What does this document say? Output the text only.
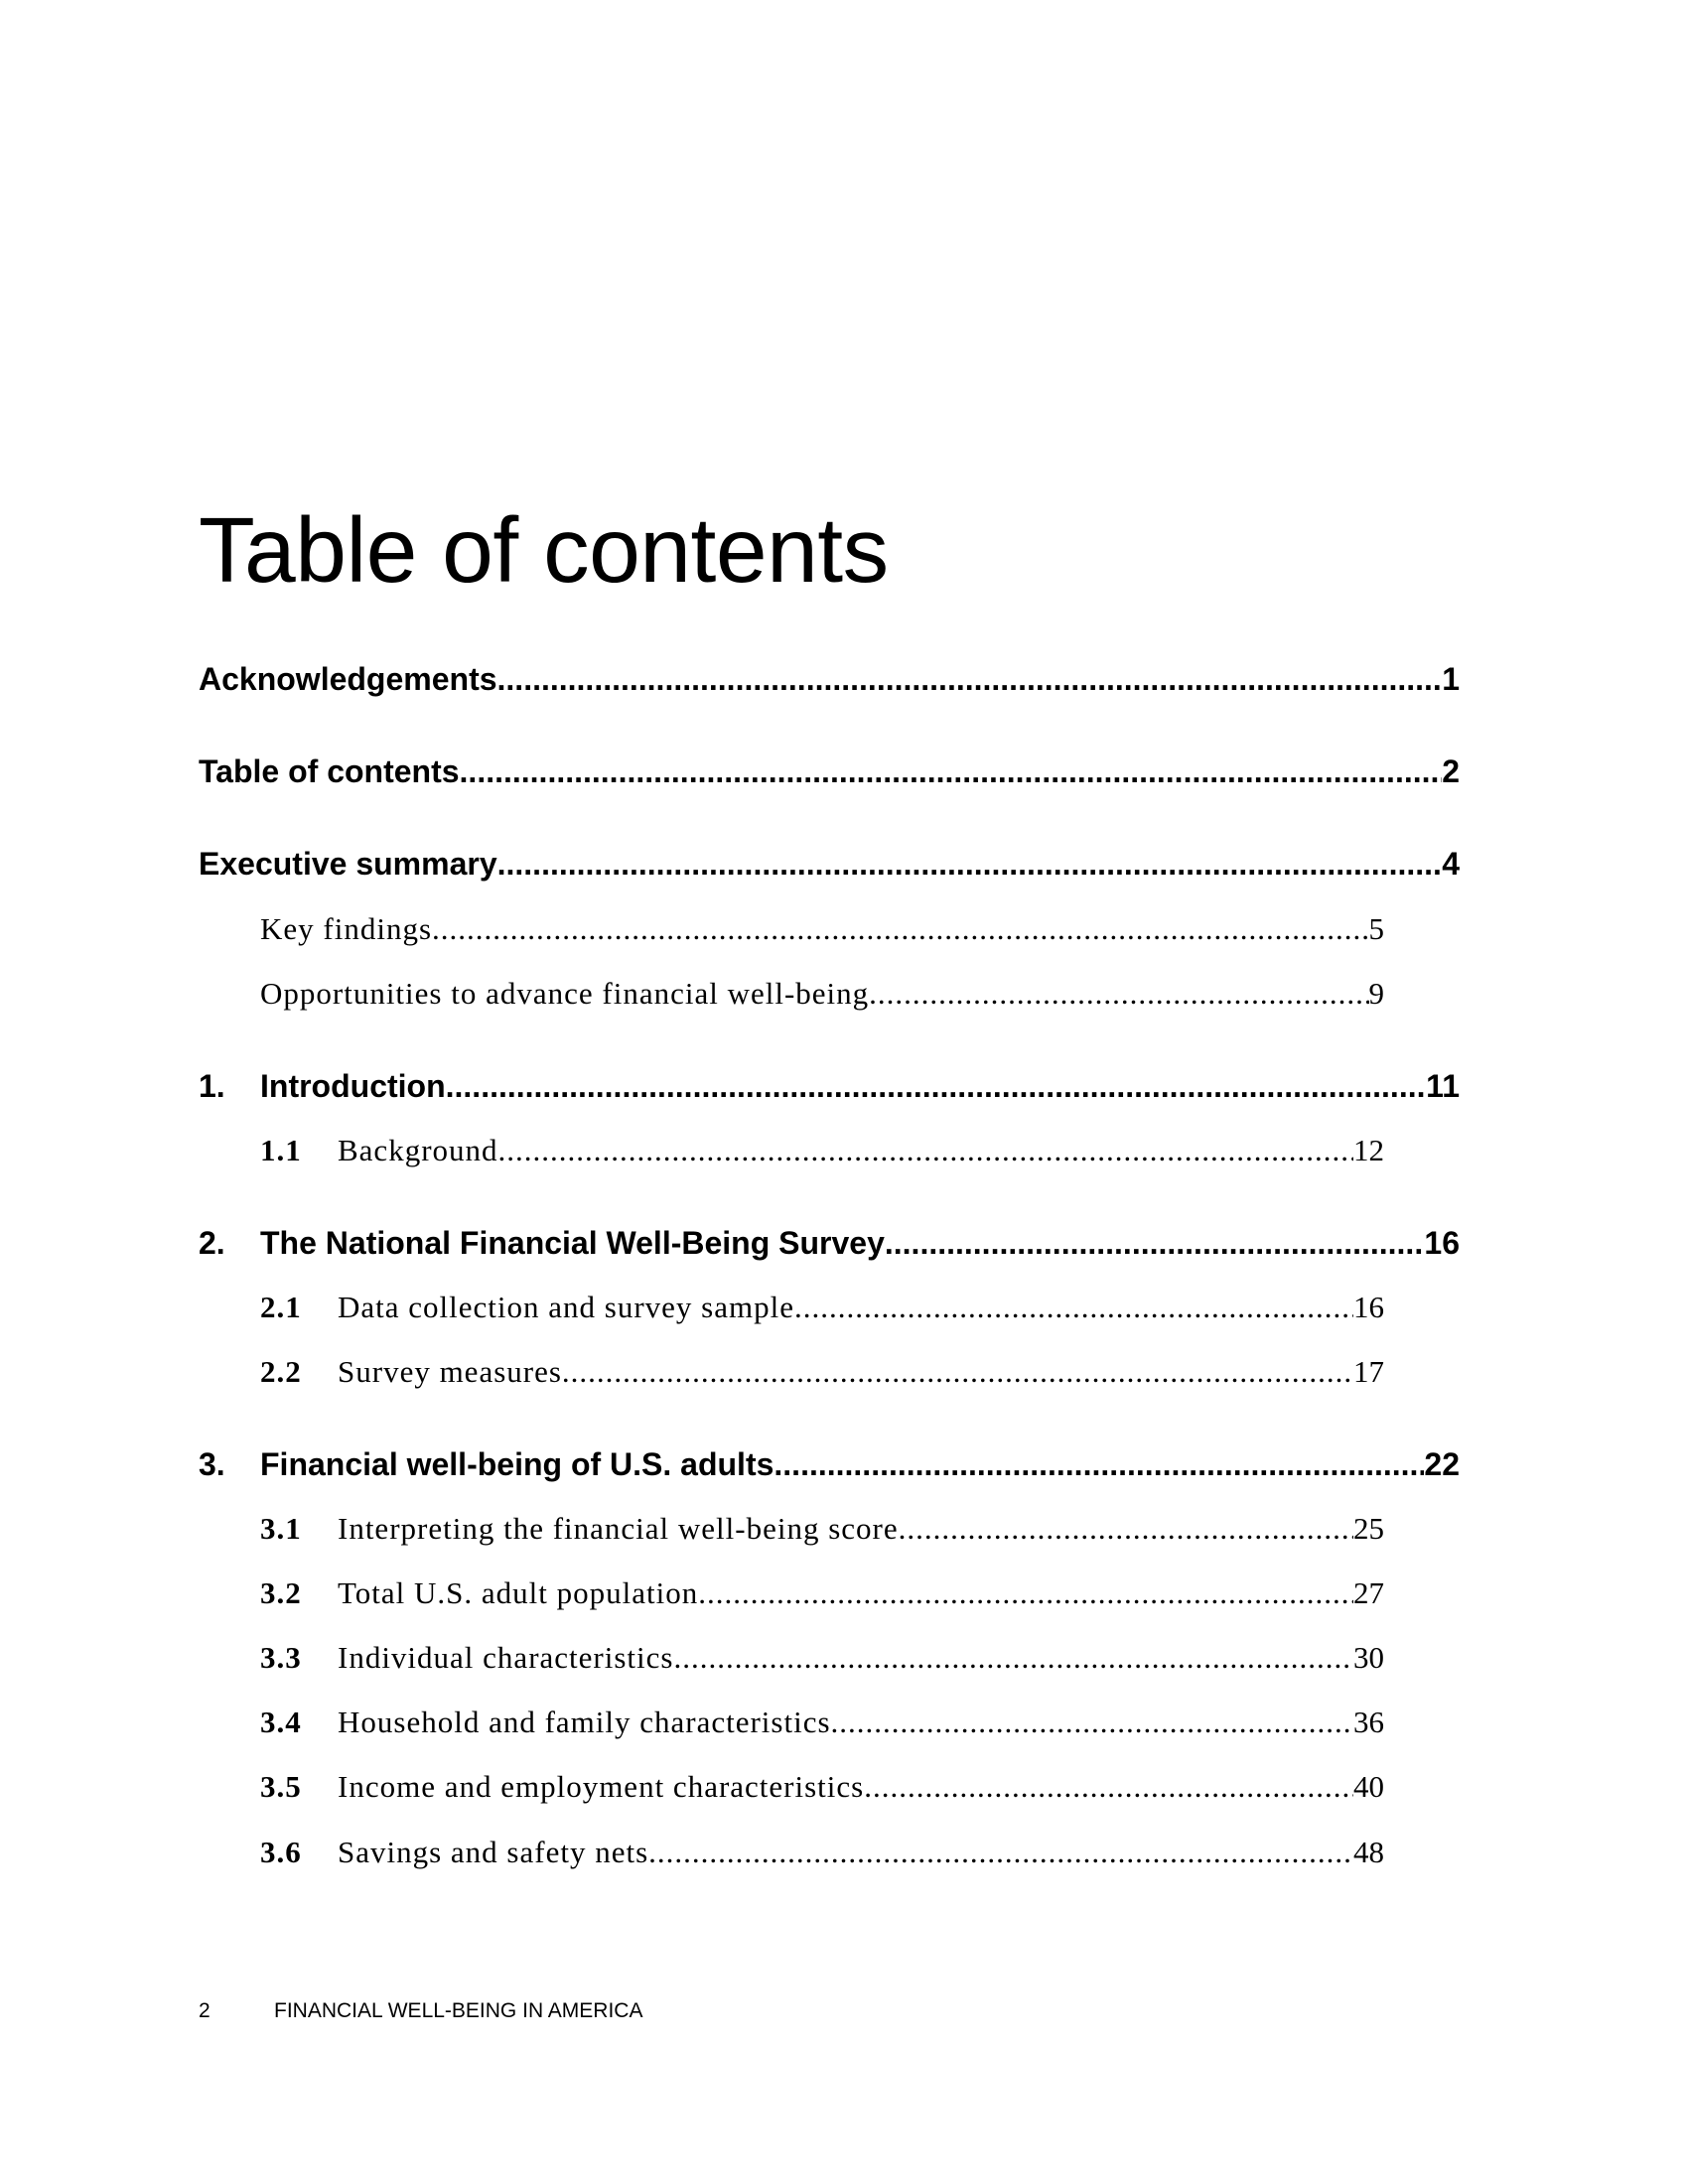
Table of contents
Acknowledgements .....	1
Table of contents .....	2
Executive summary .....	4
Key findings .....	5
Opportunities to advance financial well-being .....	9
1.	Introduction .....	11
1.1	Background .....	12
2.	The National Financial Well-Being Survey .....	16
2.1	Data collection and survey sample .....	16
2.2	Survey measures .....	17
3.	Financial well-being of U.S. adults .....	22
3.1	Interpreting the financial well-being score .....	25
3.2	Total U.S. adult population .....	27
3.3	Individual characteristics .....	30
3.4	Household and family characteristics .....	36
3.5	Income and employment characteristics .....	40
3.6	Savings and safety nets .....	48
2	FINANCIAL WELL-BEING IN AMERICA
